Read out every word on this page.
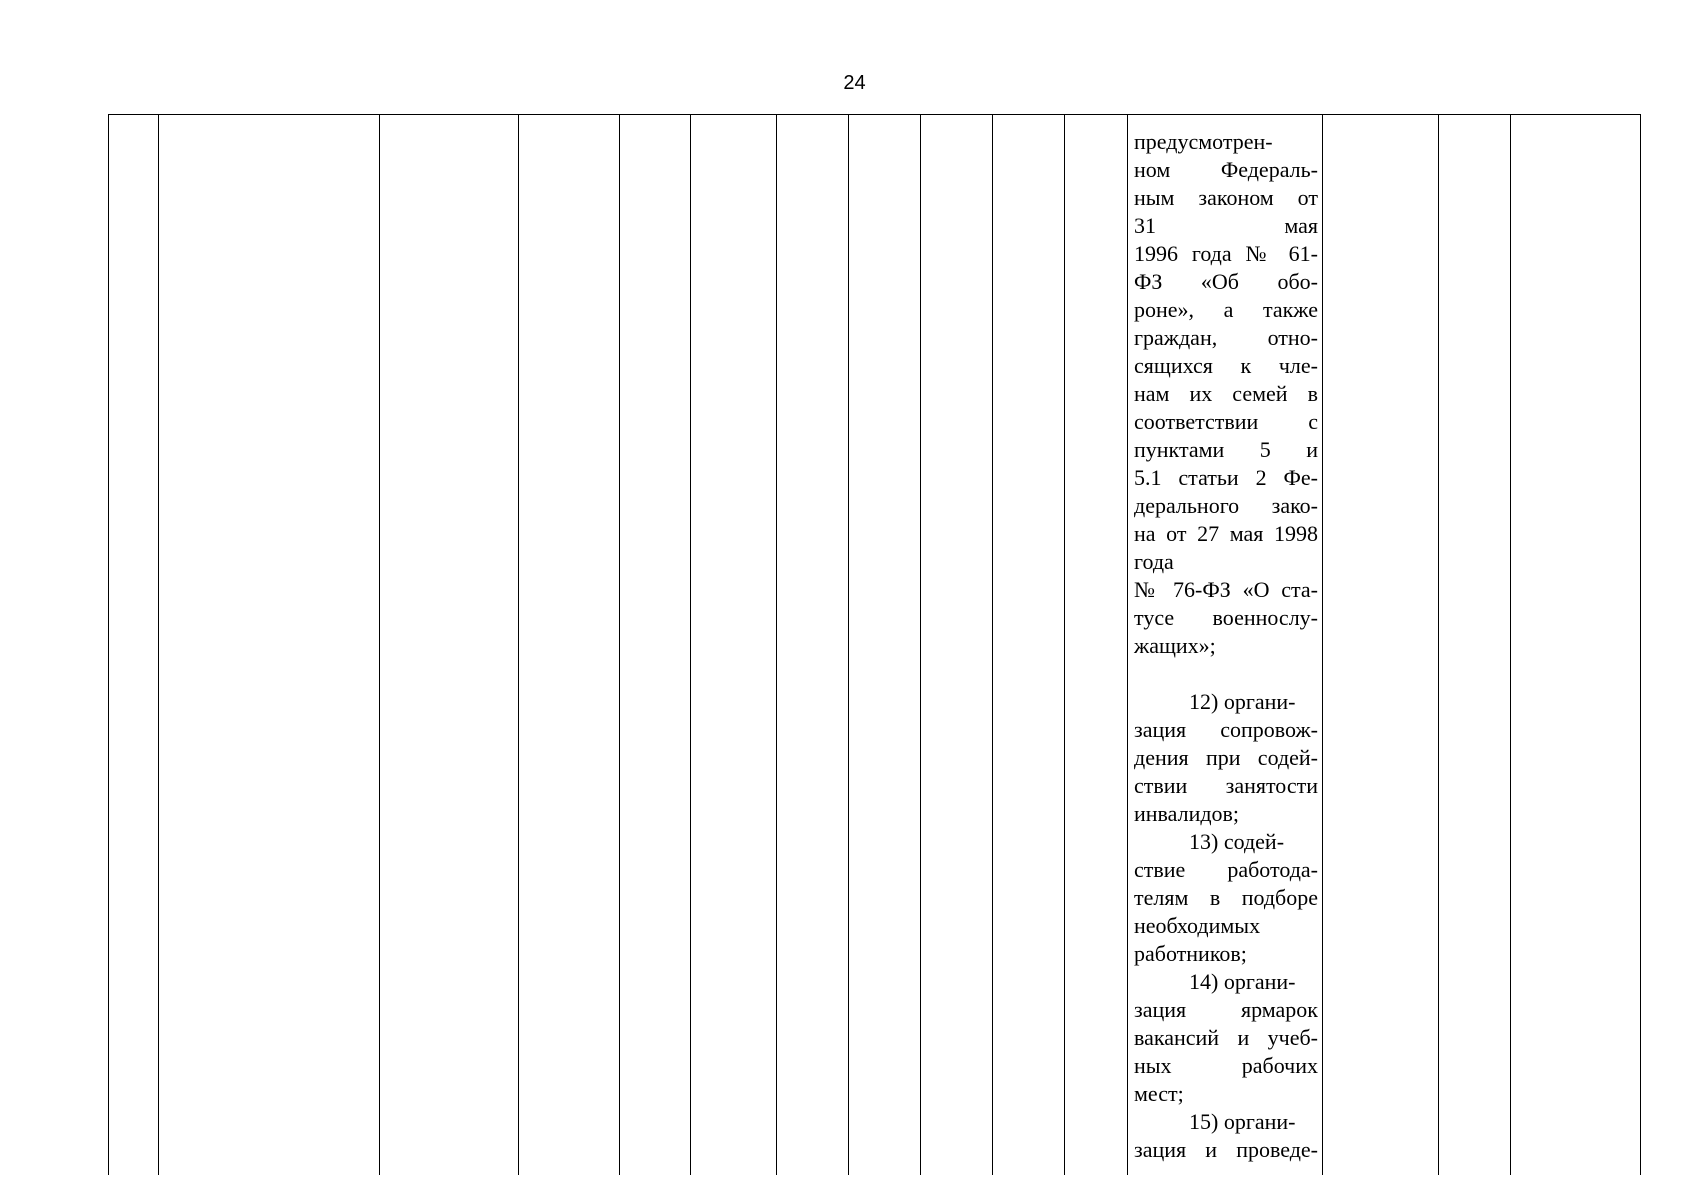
24
предусмотрен-
ном Федераль-
ным законом от
31 мая
1996 года № 61-
ФЗ «Об обо-
роне», а также
граждан, отно-
сящихся к чле-
нам их семей в
соответствии с
пунктами 5 и
5.1 статьи 2 Фе-
дерального зако-
на от 27 мая 1998
года
№ 76-ФЗ «О ста-
тусе военнослу-
жащих»;
12) органи-
зация сопровож-
дения при содей-
ствии занятости
инвалидов;
13) содей-
ствие работода-
телям в подборе
необходимых
работников;
14) органи-
зация ярмарок
вакансий и учеб-
ных рабочих
мест;
15) органи-
зация и проведе-
